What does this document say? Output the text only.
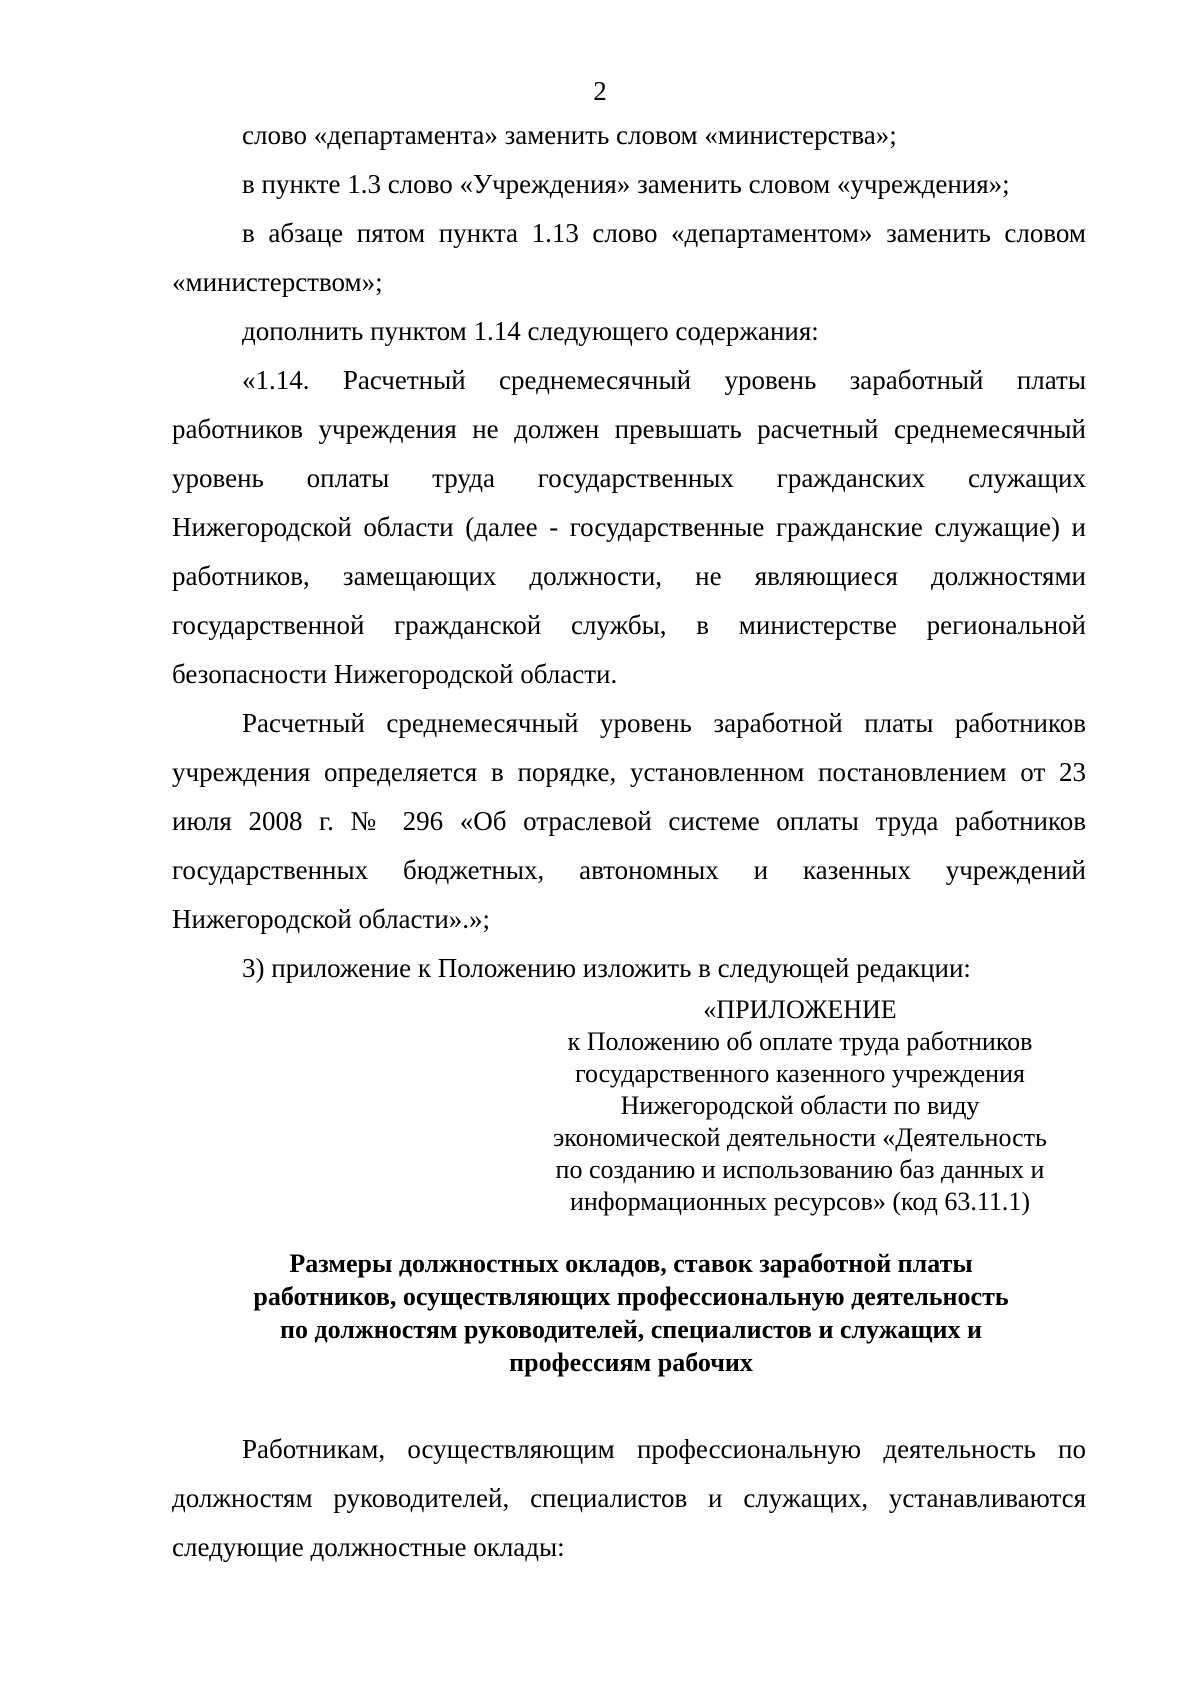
2

слово «департамента» заменить словом «министерства»;

в пункте 1.3 слово «Учреждения» заменить словом «учреждения»;

в абзаце пятом пункта 1.13 слово «департаментом» заменить словом «министерством»;

дополнить пунктом 1.14 следующего содержания:

«1.14. Расчетный среднемесячный уровень заработный платы работников учреждения не должен превышать расчетный среднемесячный уровень оплаты труда государственных гражданских служащих Нижегородской области (далее - государственные гражданские служащие) и работников, замещающих должности, не являющиеся должностями государственной гражданской службы, в министерстве региональной безопасности Нижегородской области.

Расчетный среднемесячный уровень заработной платы работников учреждения определяется в порядке, установленном постановлением от 23 июля 2008 г. № 296 «Об отраслевой системе оплаты труда работников государственных бюджетных, автономных и казенных учреждений Нижегородской области».»;

3) приложение к Положению изложить в следующей редакции:

«ПРИЛОЖЕНИЕ
к Положению об оплате труда работников
государственного казенного учреждения
Нижегородской области по виду
экономической деятельности «Деятельность
по созданию и использованию баз данных и
информационных ресурсов» (код 63.11.1)
Размеры должностных окладов, ставок заработной платы
работников, осуществляющих профессиональную деятельность
по должностям руководителей, специалистов и служащих и
профессиям рабочих

Работникам, осуществляющим профессиональную деятельность по должностям руководителей, специалистов и служащих, устанавливаются следующие должностные оклады:
